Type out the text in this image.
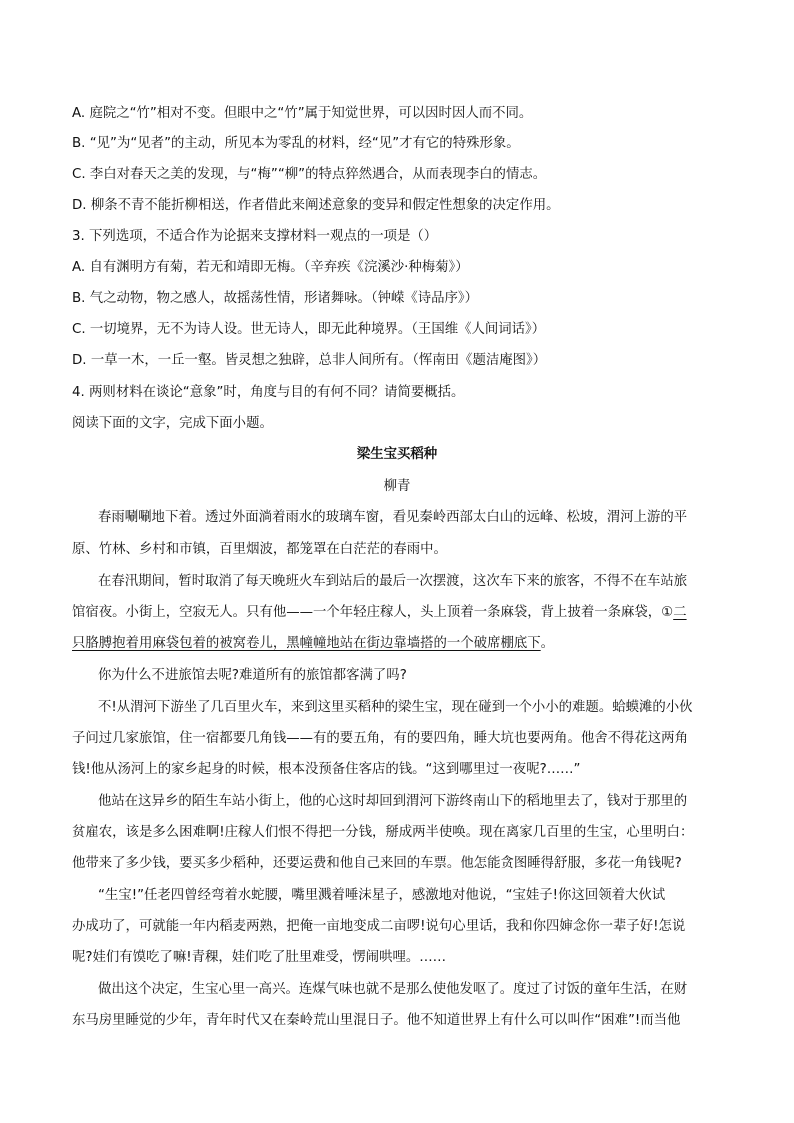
A. 庭院之“竹”相对不变。但眼中之“竹”属于知觉世界，可以因时因人而不同。
B. “见”为“见者”的主动，所见本为零乱的材料，经“见”才有它的特殊形象。
C. 李白对春天之美的发现，与“梅”“柳”的特点猝然遇合，从而表现李白的情志。
D. 柳条不青不能折柳相送，作者借此来阐述意象的变异和假定性想象的决定作用。
3. 下列选项，不适合作为论据来支撑材料一观点的一项是（）
A. 自有渊明方有菊，若无和靖即无梅。（辛弃疾《浣溪沙·种梅菊》）
B. 气之动物，物之感人，故摇荡性情，形诸舞咏。（钟嵘《诗品序》）
C. 一切境界，无不为诗人设。世无诗人，即无此种境界。（王国维《人间词话》）
D. 一草一木，一丘一壑。皆灵想之独辟，总非人间所有。（恽南田《题洁庵图》）
4. 两则材料在谈论“意象”时，角度与目的有何不同？请简要概括。
阅读下面的文字，完成下面小题。
梁生宝买稻种
柳青
春雨唰唰地下着。透过外面淌着雨水的玻璃车窗，看见秦岭西部太白山的远峰、松坡，渭河上游的平
原、竹林、乡村和市镇，百里烟波，都笼罩在白茫茫的春雨中。
在春汛期间，暂时取消了每天晚班火车到站后的最后一次摆渡，这次车下来的旅客，不得不在车站旅
馆宿夜。小街上，空寂无人。只有他——一个年轻庄稼人，头上顶着一条麻袋，背上披着一条麻袋，①二
只胳膊抱着用麻袋包着的被窝卷儿，黑幢幢地站在街边靠墙搭的一个破席棚底下。
你为什么不进旅馆去呢?难道所有的旅馆都客满了吗?
不!从渭河下游坐了几百里火车，来到这里买稻种的梁生宝，现在碰到一个小小的难题。蛤蟆滩的小伙
子问过几家旅馆，住一宿都要几角钱——有的要五角，有的要四角，睡大坑也要两角。他舍不得花这两角
钱!他从汤河上的家乡起身的时候，根本没预备住客店的钱。“这到哪里过一夜呢?……”
他站在这异乡的陌生车站小街上，他的心这时却回到渭河下游终南山下的稻地里去了，钱对于那里的
贫雇农，该是多么困难啊!庄稼人们恨不得把一分钱，掰成两半使唤。现在离家几百里的生宝，心里明白：
他带来了多少钱，要买多少稻种，还要运费和他自己来回的车票。他怎能贪图睡得舒服，多花一角钱呢?
“生宝!”任老四曾经弯着水蛇腰，嘴里溅着唾沫星子，感激地对他说，“宝娃子!你这回领着大伙试
办成功了，可就能一年内稻麦两熟，把俺一亩地变成二亩啰!说句心里话，我和你四婶念你一辈子好!怎说
呢?娃们有馍吃了嘛!青稞，娃们吃了肚里难受，愣闹哄哩。……
做出这个决定，生宝心里一高兴。连煤气味也就不是那么使他发呕了。度过了讨饭的童年生活，在财
东马房里睡觉的少年，青年时代又在秦岭荒山里混日子。他不知道世界上有什么可以叫作“困难”!而当他
